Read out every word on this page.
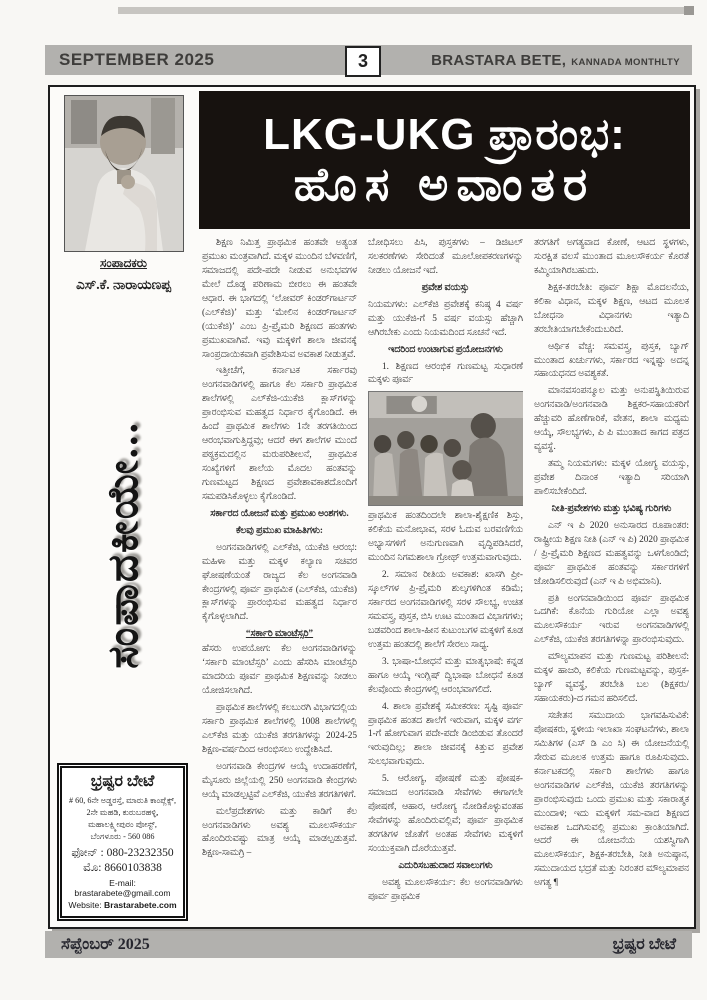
SEPTEMBER 2025	3	BRASTARA BETE, KANNADA MONTHLTY
ಸಂಪಾದಕರು
ಎಸ್.ಕೆ. ನಾರಾಯಣಪ್ಪ
ಸಂಪಾದಕೀಯೇ...
ಭ್ರಷ್ಟರ ಬೇಟೆ
# 60, 6ನೇ ಅಡ್ಡರಸ್ತೆ, ಮಾರುತಿ ಕಾಂಪ್ಲೆಕ್ಸ್,
2ನೇ ಮಹಡಿ, ಕುರುಬರಹಳ್ಳಿ,
ಮಹಾಲಕ್ಷ್ಮೀಪುರಂ ಪೋಸ್ಟ್,
ಬೆಂಗಳೂರು - 560 086
ಫೋನ್ : 080-23232350
ಮೊ: 8660103838
E-mail: brastarabete@gmail.com
Website: Brastarabete.com
LKG-UKG ಪ್ರಾರಂಭ:
ಹೊಸ ಅವಾಂತರ
ಶಿಕ್ಷಣ ನಿಮಿತ್ತ ಪ್ರಾಥಮಿಕ ಹಂತವೇ ಅತ್ಯಂತ ಪ್ರಮುಖ ಮಂತ್ರವಾಗಿದೆ. ಮಕ್ಕಳ ಮುಂದಿನ ಬೆಳವಣಿಗೆ, ಸಮಾಜದಲ್ಲಿ ಪದೇ-ಪದೇ ನೀಡುವ ಅನುಭವಗಳ ಮೇಲೆ ದೊಡ್ಡ ಪರಿಣಾಮ ಬೀರಲು ಈ ಹಂತವೇ ಆಧಾರ. ಈ ಭಾಗದಲ್ಲಿ ‘ಲೋವರ್ ಕಿಂಡರ್‌ಗಾರ್ಟನ್ (ಎಲ್‌ಕೆಜಿ)’ ಮತ್ತು ‘ಮೇಲಿನ ಕಿಂಡರ್‌ಗಾರ್ಟನ್ (ಯುಕೆಜಿ)’ ಎಂಬ ಪ್ರಿ-ಪ್ರೈಮರಿ ಶಿಕ್ಷಣದ ಹಂತಗಳು ಪ್ರಮುಖವಾಗಿವೆ. ಇವು ಮಕ್ಕಳಿಗೆ ಶಾಲಾ ಜೀವನಕ್ಕೆ ಸಾಂಪ್ರದಾಯಿಕವಾಗಿ ಪ್ರವೇಶಿಸುವ ಅವಕಾಶ ನೀಡುತ್ತವೆ.
ಇತ್ತೀಚೆಗೆ, ಕರ್ನಾಟಕ ಸರ್ಕಾರವು ಅಂಗನವಾಡಿಗಳಲ್ಲಿ ಹಾಗೂ ಕೆಲ ಸರ್ಕಾರಿ ಪ್ರಾಥಮಿಕ ಶಾಲೆಗಳಲ್ಲಿ ಎಲ್‌ಕೆಜಿ-ಯುಕೆಜಿ ಕ್ಲಾಸ್‌ಗಳನ್ನು ಪ್ರಾರಂಭಿಸುವ ಮಹತ್ವದ ನಿರ್ಧಾರ ಕೈಗೊಂಡಿದೆ. ಈ ಹಿಂದೆ ಪ್ರಾಥಮಿಕ ಶಾಲೆಗಳು 1ನೇ ತರಗತಿಯಿಂದ ಆರಂಭವಾಗುತ್ತಿದ್ದವು; ಆದರೆ ಈಗ ಶಾಲೆಗಳ ಮುಂದೆ ಪಠ್ಯಕ್ರಮದಲ್ಲಿನ ಮರುಪರಿಶೀಲನೆ, ಪ್ರಾಥಮಿಕ ಸಂಖ್ಯೆಗಳಿಗೆ ಶಾಲೆಯ ಮೊದಲ ಹಂತವನ್ನು ಗುಣಮಟ್ಟದ ಶಿಕ್ಷಣದ ಪ್ರವೇಶಾವಕಾಶದೊಂದಿಗೆ ಸಮಪಡಿಸಿಕೊಳ್ಳಲು ಕೈಗೊಂಡಿದೆ.
ಸರ್ಕಾರದ ಯೋಜನೆ ಮತ್ತು ಪ್ರಮುಖ ಅಂಶಗಳು.
ಕೆಲವು ಪ್ರಮುಖ ಮಾಹಿತಿಗಳು:
ಅಂಗನವಾಡಿಗಳಲ್ಲಿ ಎಲ್‌ಕೆಜಿ, ಯುಕೆಜಿ ಆರಂಭ: ಮಹಿಳಾ ಮತ್ತು ಮಕ್ಕಳ ಕಲ್ಯಾಣ ಸಚಿವರ ಘೋಷಣೆಯಂತೆ ರಾಜ್ಯದ ಕೆಲ ಅಂಗನವಾಡಿ ಕೇಂದ್ರಗಳಲ್ಲಿ ಪೂರ್ವ ಪ್ರಾಥಮಿಕ (ಎಲ್‌ಕೆಜಿ, ಯುಕೆಜಿ) ಕ್ಲಾಸ್‌ಗಳನ್ನು ಪ್ರಾರಂಭಿಸುವ ಮಹತ್ವದ ನಿರ್ಧಾರ ಕೈಗೊಳ್ಳಲಾಗಿದೆ.
“ಸರ್ಕಾರಿ ಮಾಂಟೆಸ್ಸರಿ”
ಹೆಸರು ಉಪಯೋಗ: ಕೆಲ ಅಂಗನವಾಡಿಗಳನ್ನು ‘ಸರ್ಕಾರಿ ಮಾಂಟೆಸ್ಸರಿ’ ಎಂದು ಹೆಸರಿಸಿ ಮಾಂಟೆಸ್ಸರಿ ಮಾದರಿಯ ಪೂರ್ವ ಪ್ರಾಥಮಿಕ ಶಿಕ್ಷಣವನ್ನು ನೀಡಲು ಯೋಜಿಸಲಾಗಿದೆ.
ಪ್ರಾಥಮಿಕ ಶಾಲೆಗಳಲ್ಲಿ ಕಲಬುರಗಿ ವಿಭಾಗದಲ್ಲಿಯ ಸರ್ಕಾರಿ ಪ್ರಾಥಮಿಕ ಶಾಲೆಗಳಲ್ಲಿ 1008 ಶಾಲೆಗಳಲ್ಲಿ ಎಲ್‌ಕೆಜಿ ಮತ್ತು ಯುಕೆಜಿ ತರಗತಿಗಳನ್ನು 2024-25 ಶಿಕ್ಷಣ-ವರ್ಷದಿಂದ ಆರಂಭಿಸಲು ಉದ್ದೇಶಿಸಿದೆ.
ಅಂಗನವಾಡಿ ಕೇಂದ್ರಗಳ ಆಯ್ಕೆ ಉದಾಹರಣೆಗೆ, ಮೈಸೂರು ಜಿಲ್ಲೆಯಲ್ಲಿ 250 ಅಂಗನವಾಡಿ ಕೇಂದ್ರಗಳು ಆಯ್ಕೆ ಮಾಡಲ್ಪಟ್ಟಿವೆ ಎಲ್‌ಕೆಜಿ, ಯುಕೆಜಿ ತರಗತಿಗಳಿಗೆ.
ಮಲೆಪ್ರದೇಶಗಳು ಮತ್ತು ಕಾಡಿಗೆ ಕೆಲ ಅಂಗನವಾಡಿಗಳು ಅವಶ್ಯ ಮೂಲಸೌಕರ್ಯ ಹೊಂದಿರುವಷ್ಟು ಮಾತ್ರ ಆಯ್ಕೆ ಮಾಡಲ್ಪಡುತ್ತವೆ. ಶಿಕ್ಷಣ-ಸಾಮಗ್ರಿ –
ಬೋಧಿಸಲು ಪಿಸಿ, ಪುಸ್ತಕಗಳು – ಡಿಜಿಟಲ್ ಸಲಕರಣೆಗಳು ಸೇರಿದಂತೆ ಮೂಲೋಪಕರಣಗಳನ್ನು ನೀಡಲು ಯೋಜನೆ ಇದೆ.
ಪ್ರವೇಶ ವಯಸ್ಸು
ನಿಯಮಗಳು: ಎಲ್‌ಕೆಜಿ ಪ್ರವೇಶಕ್ಕೆ ಕನಿಷ್ಠ 4 ವರ್ಷ ಮತ್ತು ಯುಕೆಜಿ-ಗೆ 5 ವರ್ಷ ವಯಸ್ಸು ಹೆಚ್ಚಾಗಿ ಆಗಿರಬೇಕು ಎಂದು ನಿಯಮದಿಂದ ಸೂಚನೆ ಇದೆ.
ಇದರಿಂದ ಉಂಟಾಗುವ ಪ್ರಯೋಜನಗಳು
1. ಶಿಕ್ಷಣದ ಆರಂಭಿಕ ಗುಣಮಟ್ಟ ಸುಧಾರಣೆ ಮಕ್ಕಳು ಪೂರ್ವ
ಪ್ರಾಥಮಿಕ ಹಂತದಿಂದಲೇ ಶಾಲಾ-ಶೈಕ್ಷಣಿಕ ಶಿಸ್ತು, ಕಲಿಕೆಯ ಮನೋಭಾವ, ಸರಳ ಓದುವ ಬರವಣಿಗೆಯ ಅಭ್ಯಾಸಗಳಿಗೆ ಅನುಗುಣವಾಗಿ ವೃದ್ಧಿಪಡಿಸಿದರೆ, ಮುಂದಿನ ನಿಗಮಶಾಲಾ ಗ್ರೋಥ್ ಉತ್ತಮವಾಗುವುದು.
2. ಸಮಾನ ರೀತಿಯ ಅವಕಾಶ: ಖಾಸಗಿ ಪ್ರೀ-ಸ್ಕೂಲ್‌ಗಳ ಪ್ರಿ-ಪ್ರೈಮರಿ ಶುಲ್ಕಗಳಿಗಿಂತ ಕಡಿಮೆ; ಸರ್ಕಾರದ ಅಂಗನವಾಡಿಗಳಲ್ಲಿ ಸರಳ ಸೌಲಭ್ಯ, ಉಚಿತ ಸಮವಸ್ತ್ರ, ಪುಸ್ತಕ, ಬಿಸಿ ಊಟ ಮುಂತಾದ ವಿಭಾಗಗಳು; ಬಡವರಿಂದ ಶಾಲಾ-ಹೀನ ಕುಟುಂಬಗಳ ಮಕ್ಕಳಿಗೆ ಕೂಡ ಉತ್ತಮ ಹಂತದಲ್ಲಿ ಶಾಲೆಗೆ ಸೇರಲು ಸಾಧ್ಯ.
3. ಭಾಷಾ-ಬೋಧನೆ ಮತ್ತು ಮಾತೃಭಾಷೆ: ಕನ್ನಡ ಹಾಗೂ ಆಯ್ಕೆ ಇಂಗ್ಲಿಷ್ ದ್ವಿಭಾಷಾ ಬೋಧನೆ ಕೂಡ ಕೆಲವೊಂದು ಕೇಂದ್ರಗಳಲ್ಲಿ ಆರಂಭವಾಗಲಿದೆ.
4. ಶಾಲಾ ಪ್ರವೇಶಕ್ಕೆ ಸಮೀಕರಣ: ಸೃಷ್ಟಿ ಪೂರ್ವ ಪ್ರಾಥಮಿಕ ಹಂತದ ಶಾಲೆಗೆ ಇರುವಾಗ, ಮಕ್ಕಳ ವರ್ಗ 1-ಗೆ ಹೋಗುವಾಗ ಪದೇ-ಪದೇ ಡಿಂಬಿಡುವ ತೊಂದರೆ ಇರುವುದಿಲ್ಲ; ಶಾಲಾ ಜೀವನಕ್ಕೆ ಕಿತ್ತುವ ಪ್ರವೇಶ ಸುಲಭವಾಗುವುದು.
5. ಆರೋಗ್ಯ, ಪೋಷಣೆ ಮತ್ತು ಪೋಷಕ-ಸಮಾಜದ ಅಂಗನವಾಡಿ ಸೇವೆಗಳು ಈಗಾಗಲೇ ಪೋಷಣೆ, ಆಹಾರ, ಆರೋಗ್ಯ ನೋಡಿಕೊಳ್ಳುವಂತಹ ಸೇವೆಗಳನ್ನು ಹೊಂದಿರುವಲ್ಲಿವೆ; ಪೂರ್ವ ಪ್ರಾಥಮಿಕ ತರಗತಿಗಳ ಜೊತೆಗೆ ಅಂತಹ ಸೇವೆಗಳು ಮಕ್ಕಳಿಗೆ ಸಂಯುಕ್ತವಾಗಿ ದೊರೆಯುತ್ತವೆ.
ಎದುರಿಸಬಹುದಾದ ಸವಾಲುಗಳು
ಅವಶ್ಯ ಮೂಲಸೌಕರ್ಯ: ಕೆಲ ಅಂಗನವಾಡಿಗಳು ಪೂರ್ವ ಪ್ರಾಥಮಿಕ
ತರಗತಿಗೆ ಅಗತ್ಯವಾದ ಕೋಣೆ, ಆಟದ ಸ್ಥಳಗಳು, ಸುರಕ್ಷಿತ ವಲಸೆ ಮುಂತಾದ ಮೂಲಸೌಕರ್ಯ ಕೊರತೆ ಕಮ್ಮಿಯಾಗಿರಬಹುದು.
ಶಿಕ್ಷಕ-ತರಬೇತಿ: ಪೂರ್ವ ಶಿಕ್ಷಾ ಮೊದಲನೆಯ, ಕಲಿಕಾ ವಿಧಾನ, ಮಕ್ಕಳ ಶಿಕ್ಷಣ, ಆಟದ ಮೂಲಕ ಬೋಧನಾ ವಿಧಾನಗಳು ಇತ್ಯಾದಿ ತರಬೇತಿಯಾಗಬೇಕೆಂದುಬರಿದೆ.
ಆರ್ಥಿಕ ವೆಚ್ಚ: ಸಮವಸ್ತ್ರ, ಪುಸ್ತಕ, ಬ್ಯಾಗ್ ಮುಂತಾದ ಖರ್ಚುಗಳು, ಸರ್ಕಾರದ ಇನ್ನಷ್ಟು ಅದನ್ನ ಸಹಾಯಧನದ ಅವಶ್ಯಕತೆ.
ಮಾನವಸಂಪನ್ಮೂಲ ಮತ್ತು ಅನುಪಸ್ಥಿತಿಯಿರುವ ಅಂಗನವಾಡಿ/ಅಂಗನವಾಡಿ ಶಿಕ್ಷಕರ-ಸಹಾಯಕರಿಗೆ ಹೆಚ್ಚುವರಿ ಹೊಣೆಗಾರಿಕೆ, ವೇತನ, ಶಾಲಾ ಮಧ್ಯಮ ಆಯ್ಕೆ, ಸೌಲಭ್ಯಗಳು, ಪಿ ಪಿ ಮುಂತಾದ ಕಾಗದ ಪತ್ರದ ವ್ಯವಸ್ಥೆ.
ತಮ್ಮ ನಿಯಮಗಳು: ಮಕ್ಕಳ ಯೋಗ್ಯ ವಯಸ್ಸು, ಪ್ರವೇಶ ದಿನಾಂಕ ಇತ್ಯಾದಿ ಸರಿಯಾಗಿ ಪಾಲಿಸಬೇಕೆಂದಿದೆ.
ನೀತಿ-ಪ್ರವೇಶಗಳು ಮತ್ತು ಭವಿಷ್ಯ ಗುರಿಗಳು
ಎನ್ ಇ ಪಿ 2020 ಅನುಸಾರದ ರೂಪಾಂತರ: ರಾಷ್ಟ್ರೀಯ ಶಿಕ್ಷಣ ನೀತಿ (ಎನ್ ಇ ಪಿ) 2020 ಪ್ರಾಥಮಿಕ / ಪ್ರಿ-ಪ್ರೈಮರಿ ಶಿಕ್ಷಣದ ಮಹತ್ವವನ್ನು ಒಳಗೊಂಡಿದೆ; ಪೂರ್ವ ಪ್ರಾಥಮಿಕ ಹಂತವನ್ನು ಸರ್ಕಾರಗಳಿಗೆ ಜೋಡಿಸಲಿರುವುದೆ (ಎನ್ ಇ ಪಿ ಅಭಿಮಾನಿ).
ಪ್ರತಿ ಅಂಗನವಾಡಿಯಿಂದ ಪೂರ್ವ ಪ್ರಾಥಮಿಕ ಒದಗಿಕೆ: ಕೊನೆಯ ಗುರಿಯೋ ಎಲ್ಲಾ ಅವಶ್ಯ ಮೂಲಸೌಕರ್ಯ ಇರುವ ಅಂಗನವಾಡಿಗಳಲ್ಲಿ ಎಲ್‌ಕೆಜಿ, ಯುಕೆಜಿ ತರಗತಿಗಳನ್ನಾ ಪ್ರಾರಂಭಿಸುವುದು.
ಮೌಲ್ಯಮಾಪನ ಮತ್ತು ಗುಣಮಟ್ಟ ಪರಿಶೀಲನೆ: ಮಕ್ಕಳ ಹಾಜರಿ, ಕಲಿಕೆಯ ಗುಣಮಟ್ಟವನ್ನು, ಪುಸ್ತಕ-ಬ್ಯಾಗ್ ವ್ಯವಸ್ಥೆ, ತರಬೇತಿ ಬಲ (ಶಿಕ್ಷಕರು/ಸಹಾಯಕರು)-ದ ಗಮನ ಹರಿಸಲಿದೆ.
ಸಚೇತನ ಸಮುದಾಯ ಭಾಗವಹಿಸುವಿಕೆ: ಪೋಷಕರು, ಸ್ಥಳೀಯ ಇಲಾಖಾ ಸಂಘಟನೆಗಳು, ಶಾಲಾ ಸಮಿತಿಗಳ (ಎಸ್ ಡಿ ಎಂ ಸಿ) ಈ ಯೋಜನೆಯಲ್ಲಿ ಸೇರುವ ಮೂಲಕ ಉತ್ತಮ ಹಾಗೂ ರೂಪಿಸುವುದು. ಕರ್ನಾಟಕದಲ್ಲಿ ಸರ್ಕಾರಿ ಶಾಲೆಗಳು ಹಾಗೂ ಅಂಗನವಾಡಿಗಳ ಎಲ್‌ಕೆಜಿ, ಯುಕೆಜಿ ತರಗತಿಗಳನ್ನು ಪ್ರಾರಂಭಿಸುವುದು ಒಂದು ಪ್ರಮುಖ ಮತ್ತು ಸಕಾರಾತ್ಮಕ ಮುಂದಾಳಿ; ಇದು ಮಕ್ಕಳಿಗೆ ಸಮ-ವಾದ ಶಿಕ್ಷಣದ ಅವಕಾಶ ಒದಗಿಸುವಲ್ಲಿ ಪ್ರಮುಖ ಕ್ರಾಂತಿಯಾಗಿದೆ. ಆದರೆ ಈ ಯೋಜನೆಯ ಯಶಸ್ವಿಗಾಗಿ ಮೂಲಸೌಕರ್ಯ, ಶಿಕ್ಷಕ-ತರಬೇತಿ, ನೀತಿ ಅನುಷ್ಠಾನ, ಸಮುದಾಯದ ಭದ್ರತೆ ಮತ್ತು ನಿರಂತರ ಮೌಲ್ಯಮಾಪನ ಅಗತ್ಯ ¶
ಸೆಪ್ಟೆಂಬರ್ 2025	ಭ್ರಷ್ಟರ ಬೇಟೆ
